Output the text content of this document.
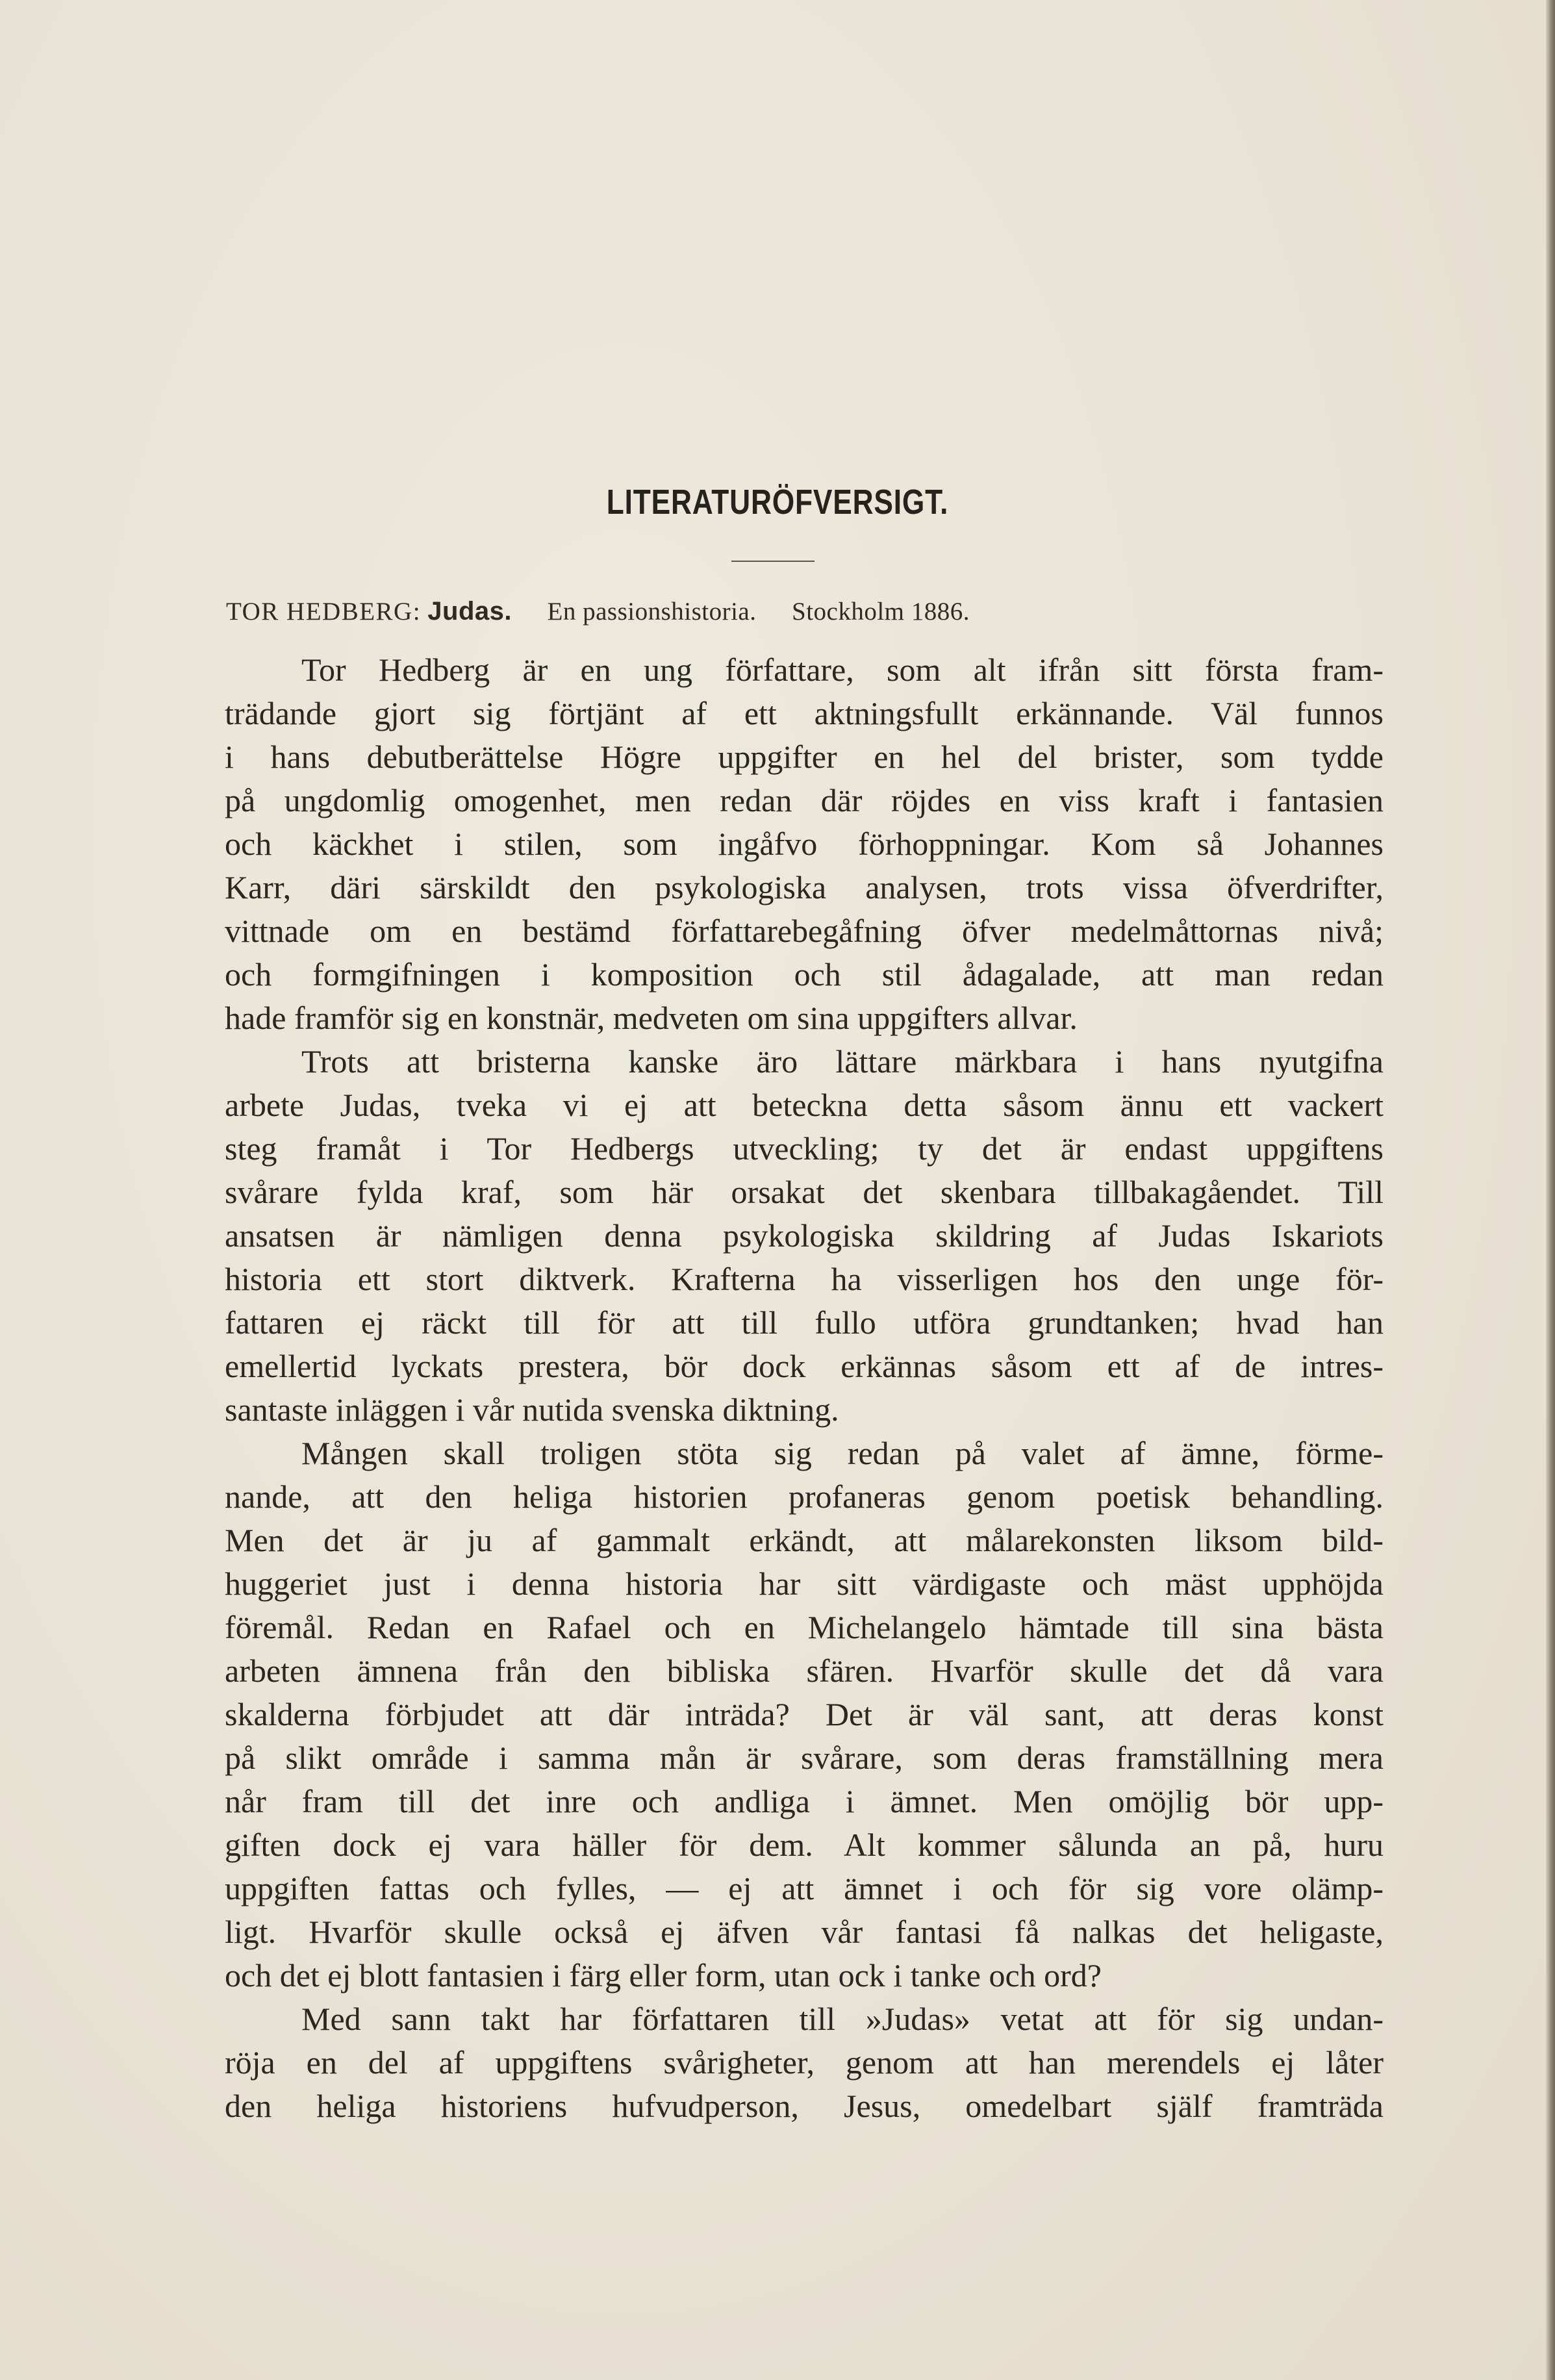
LITERATURÖFVERSIGT.
TOR HEDBERG: Judas. En passionshistoria. Stockholm 1886.
Tor Hedberg är en ung författare, som alt ifrån sitt första fram-
trädande gjort sig förtjänt af ett aktningsfullt erkännande. Väl funnos
i hans debutberättelse Högre uppgifter en hel del brister, som tydde
på ungdomlig omogenhet, men redan där röjdes en viss kraft i fantasien
och käckhet i stilen, som ingåfvo förhoppningar. Kom så Johannes
Karr, däri särskildt den psykologiska analysen, trots vissa öfverdrifter,
vittnade om en bestämd författarebegåfning öfver medelmåttornas nivå;
och formgifningen i komposition och stil ådagalade, att man redan
hade framför sig en konstnär, medveten om sina uppgifters allvar.
Trots att bristerna kanske äro lättare märkbara i hans nyutgifna
arbete Judas, tveka vi ej att beteckna detta såsom ännu ett vackert
steg framåt i Tor Hedbergs utveckling; ty det är endast uppgiftens
svårare fylda kraf, som här orsakat det skenbara tillbakagåendet. Till
ansatsen är nämligen denna psykologiska skildring af Judas Iskariots
historia ett stort diktverk. Krafterna ha visserligen hos den unge för-
fattaren ej räckt till för att till fullo utföra grundtanken; hvad han
emellertid lyckats prestera, bör dock erkännas såsom ett af de intres-
santaste inläggen i vår nutida svenska diktning.
Mången skall troligen stöta sig redan på valet af ämne, förme-
nande, att den heliga historien profaneras genom poetisk behandling.
Men det är ju af gammalt erkändt, att målarekonsten liksom bild-
huggeriet just i denna historia har sitt värdigaste och mäst upphöjda
föremål. Redan en Rafael och en Michelangelo hämtade till sina bästa
arbeten ämnena från den bibliska sfären. Hvarför skulle det då vara
skalderna förbjudet att där inträda? Det är väl sant, att deras konst
på slikt område i samma mån är svårare, som deras framställning mera
når fram till det inre och andliga i ämnet. Men omöjlig bör upp-
giften dock ej vara häller för dem. Alt kommer sålunda an på, huru
uppgiften fattas och fylles, — ej att ämnet i och för sig vore olämp-
ligt. Hvarför skulle också ej äfven vår fantasi få nalkas det heligaste,
och det ej blott fantasien i färg eller form, utan ock i tanke och ord?
Med sann takt har författaren till »Judas» vetat att för sig undan-
röja en del af uppgiftens svårigheter, genom att han merendels ej låter
den heliga historiens hufvudperson, Jesus, omedelbart själf framträda
